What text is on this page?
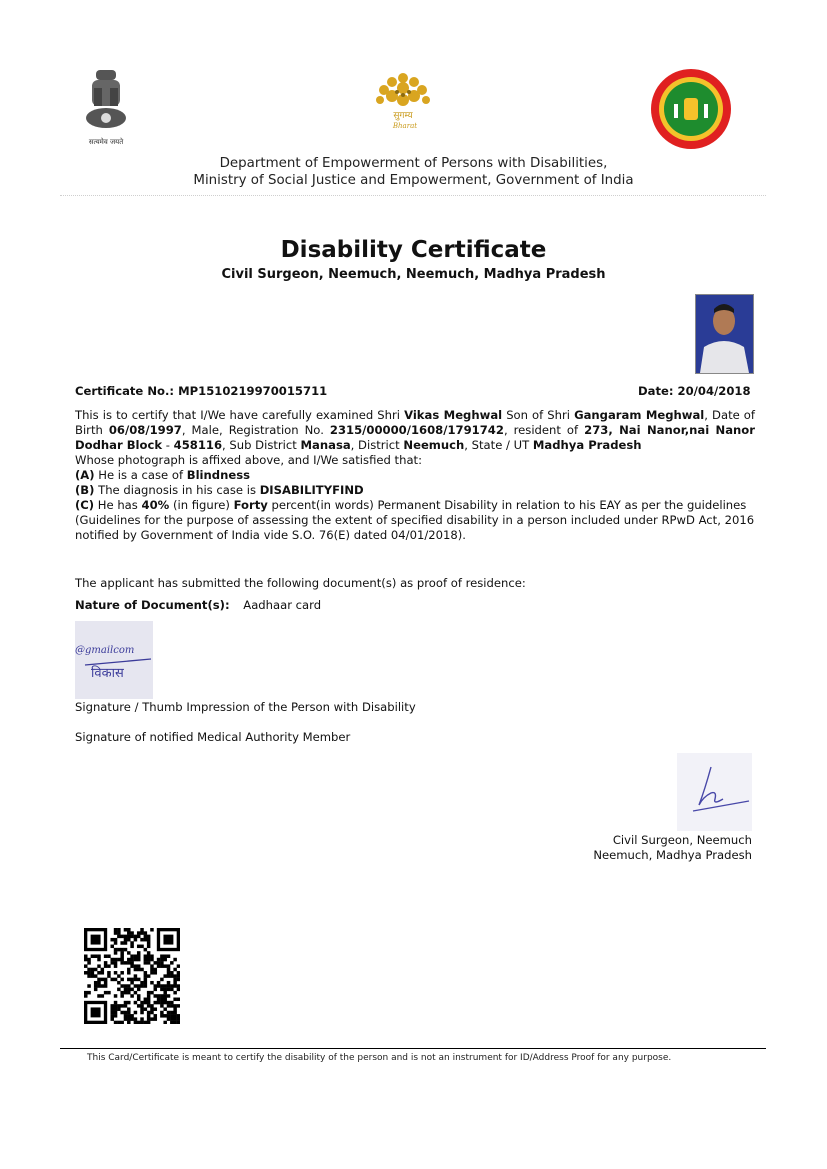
सत्यमेव जयते
सुगम्य
Bharat
Department of Empowerment of Persons with Disabilities,
Ministry of Social Justice and Empowerment, Government of India
Disability Certificate
Civil Surgeon, Neemuch, Neemuch, Madhya Pradesh
Certificate No.: MP1510219970015711	Date: 20/04/2018

This is to certify that I/We have carefully examined Shri Vikas Meghwal Son of Shri Gangaram Meghwal, Date of Birth 06/08/1997, Male, Registration No. 2315/00000/1608/1791742, resident of 273, Nai Nanor,nai Nanor Dodhar Block - 458116, Sub District Manasa, District Neemuch, State / UT Madhya Pradesh

Whose photograph is affixed above, and I/We satisfied that:

(A) He is a case of Blindness

(B) The diagnosis in his case is DISABILITYFIND

(C) He has 40% (in figure) Forty percent(in words) Permanent Disability in relation to his EAY as per the guidelines (Guidelines for the purpose of assessing the extent of specified disability in a person included under RPwD Act, 2016 notified by Government of India vide S.O. 76(E) dated 04/01/2018).

The applicant has submitted the following document(s) as proof of residence:
Nature of Document(s): Aadhaar card
@gmailcom
विकास
Signature / Thumb Impression of the Person with Disability
Signature of notified Medical Authority Member
Civil Surgeon, Neemuch
Neemuch, Madhya Pradesh
This Card/Certificate is meant to certify the disability of the person and is not an instrument for ID/Address Proof for any purpose.
